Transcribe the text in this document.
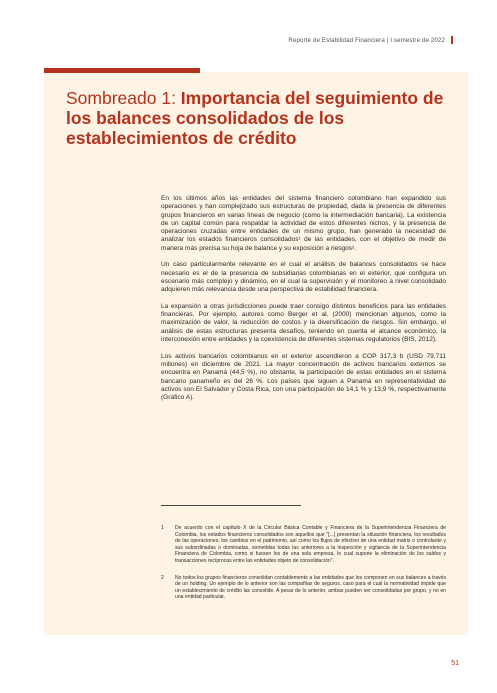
Reporte de Estabilidad Financiera | I semestre de 2022
Sombreado 1: Importancia del seguimiento de los balances consolidados de los establecimientos de crédito

En los últimos años las entidades del sistema financiero colombiano han expandido sus operaciones y han complejizado sus estructuras de propiedad, dada la presencia de diferentes grupos financieros en varias líneas de negocio (como la intermediación bancaria). La existencia de un capital común para respaldar la actividad de estos diferentes nichos, y la presencia de operaciones cruzadas entre entidades de un mismo grupo, han generado la necesidad de analizar los estados financieros consolidados¹ de las entidades, con el objetivo de medir de manera más precisa su hoja de balance y su exposición a riesgos².

Un caso particularmente relevante en el cual el análisis de balances consolidados se hace necesario es el de la presencia de subsidiarias colombianas en el exterior, que configura un escenario más complejo y dinámico, en el cual la supervisión y el monitoreo a nivel consolidado adquieren más relevancia desde una perspectiva de estabilidad financiera.

La expansión a otras jurisdicciones puede traer consigo distintos beneficios para las entidades financieras. Por ejemplo, autores como Berger et al. (2000) mencionan algunos, como la maximización de valor, la reducción de costos y la diversificación de riesgos. Sin embargo, el análisis de estas estructuras presenta desafíos, teniendo en cuenta el alcance económico, la interconexión entre entidades y la coexistencia de diferentes sistemas regulatorios (BIS, 2012).

Los activos bancarios colombianos en el exterior ascendieron a COP 317,3 b (USD 79.711 millones) en diciembre de 2021. La mayor concentración de activos bancarios externos se encuentra en Panamá (44,5 %), no obstante, la participación de estas entidades en el sistema bancario panameño es del 26 %. Los países que siguen a Panamá en representatividad de activos son El Salvador y Costa Rica, con una participación de 14,1 % y 13,9 %, respectivamente (Gráfico A).

1 De acuerdo con el capítulo X de la Circular Básica Contable y Financiera de la Superintendencia Financiera de Colombia, los estados financieros consolidados son aquellos que "[...] presentan la situación financiera, los resultados de las operaciones, los cambios en el patrimonio, así como los flujos de efectivo de una entidad matriz o controlante y sus subordinadas o dominadas, sometidas todas las anteriores a la inspección y vigilancia de la Superintendencia Financiera de Colombia, como si fuesen los de una sola empresa, lo cual supone la eliminación de los saldos y transacciones recíprocas entre las entidades objeto de consolidación".
2 No todos los grupos financieros consolidan contablemente a las entidades que los componen en sus balances a través de un holding. Un ejemplo de lo anterior son las compañías de seguros, caso para el cual la normatividad impide que un establecimiento de crédito las consolide. A pesar de lo anterior, ambas pueden ser consolidadas por grupo, y no en una entidad particular.
51
